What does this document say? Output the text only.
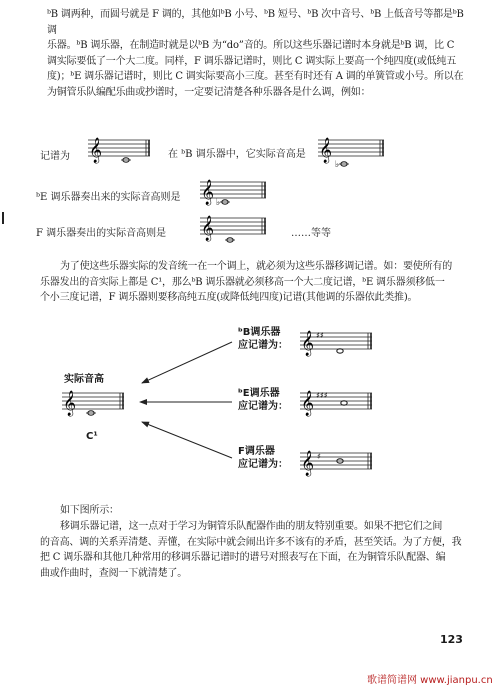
ᵇB 调两种，而圆号就是 F 调的，其他如ᵇB 小号、ᵇB 短号、ᵇB 次中音号、ᵇB 上低音号等都是ᵇB 调
乐器。ᵇB 调乐器，在制造时就是以ᵇB 为“do”音的。所以这些乐器记谱时本身就是ᵇB 调，比 C
调实际要低了一个大二度。同样，F 调乐器记谱时，则比 C 调实际上要高一个纯四度(或低纯五
度)；ᵇE 调乐器记谱时，则比 C 调实际要高小三度。甚至有时还有 A 调的单簧管或小号。所以在
为铜管乐队编配乐曲或抄谱时，一定要记清楚各种乐器各是什么调，例如：
记谱为	在 ᵇB 调乐器中，它实际音高是
ᵇE 调乐器奏出来的实际音高则是
F 调乐器奏出的实际音高则是	……等等
为了使这些乐器实际的发音统一在一个调上，就必须为这些乐器移调记谱。如：要使所有的
乐器发出的音实际上都是 C¹，那么ᵇB 调乐器就必须移高一个大二度记谱，ᵇE 调乐器须移低一
个小三度记谱，F 调乐器则要移高纯五度(或降低纯四度)记谱(其他调的乐器依此类推)。
实际音高
C¹
ᵇB调乐器
应记谱为：
ᵇE调乐器
应记谱为：
F调乐器
应记谱为：
如下图所示：
移调乐器记谱，这一点对于学习为铜管乐队配器作曲的朋友特别重要。如果不把它们之间
的音高、调的关系弄清楚、弄懂，在实际中就会闹出许多不该有的矛盾，甚至笑话。为了方便，我
把 C 调乐器和其他几种常用的移调乐器记谱时的谱号对照表写在下面，在为铜管乐队配器、编
曲或作曲时，查阅一下就清楚了。
123
歌谱简谱网 www.jianpu.cn
𝄞	𝄞
♭
𝄞 ♭
𝄞
𝄞
𝄞 ♯♯
𝄞 ♯♯♯
𝄞 ♯
